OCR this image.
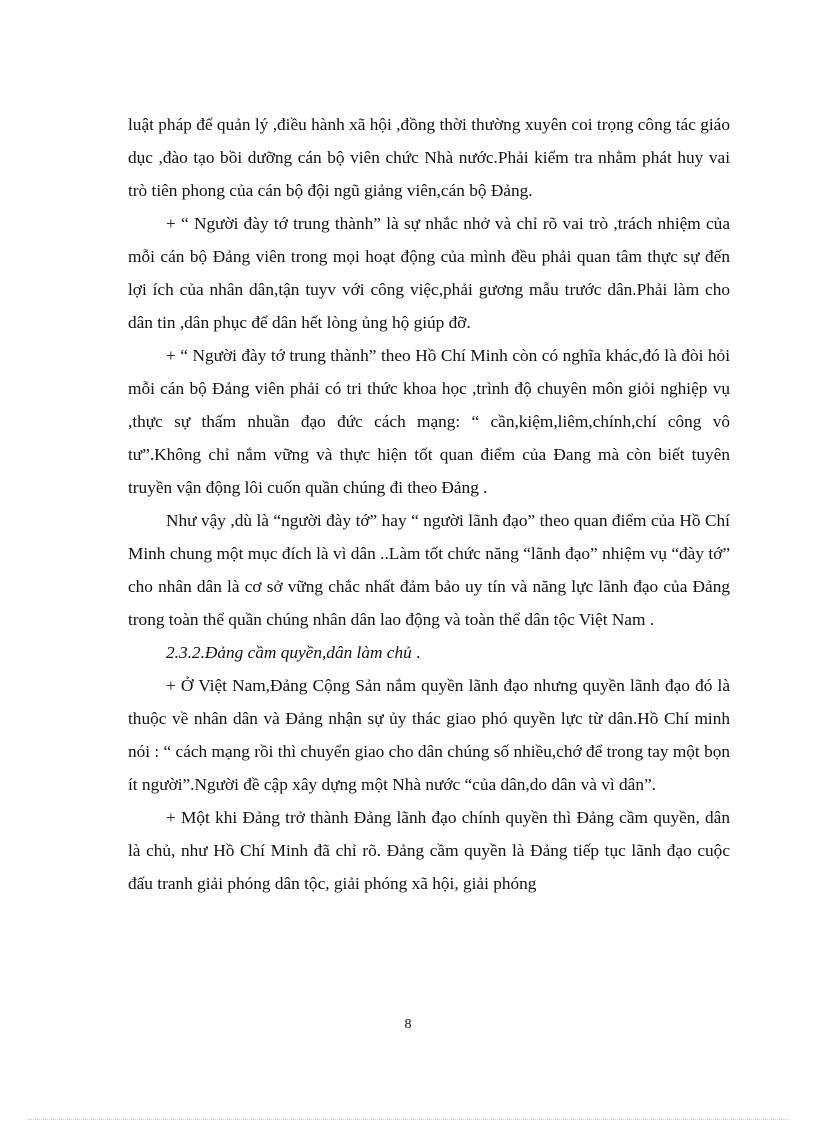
luật pháp để quản lý ,điều hành xã hội ,đồng thời thường xuyên coi trọng công tác giáo dục ,đào tạo bồi dưỡng cán bộ viên chức Nhà nước.Phải kiểm tra nhằm phát huy vai trò tiên phong của cán bộ đội ngũ giảng viên,cán bộ Đảng.

+ “ Người đày tớ trung thành” là sự nhắc nhở và chỉ rõ vai trò ,trách nhiệm của mỗi cán bộ Đảng viên trong mọi hoạt động của mình đều phải quan tâm thực sự đến lợi ích của nhân dân,tận tuyv với công việc,phải gương mẫu trước dân.Phải làm cho dân tin ,dân phục để dân hết lòng ủng hộ giúp đỡ.

+ “ Người đày tớ trung thành” theo Hồ Chí Minh còn có nghĩa khác,đó là đòi hỏi mỗi cán bộ Đảng viên phải có tri thức khoa học ,trình độ chuyên môn giỏi nghiệp vụ ,thực sự thấm nhuần đạo đức cách mạng: “ cần,kiệm,liêm,chính,chí công vô tư”.Không chỉ nắm vững và thực hiện tốt quan điểm của Đang mà còn biết tuyên truyền vận động lôi cuốn quần chúng đi theo Đảng .

Như vậy ,dù là “người đày tớ” hay “ người lãnh đạo” theo quan điểm của Hồ Chí Minh chung một mục đích là vì dân ..Làm tốt chức năng “lãnh đạo” nhiệm vụ “đày tớ” cho nhân dân là cơ sở vững chắc nhất đảm bảo uy tín và năng lực lãnh đạo của Đảng trong toàn thể quần chúng nhân dân lao động và toàn thể dân tộc Việt Nam .

2.3.2.Đảng cầm quyền,dân làm chủ .

+ Ở Việt Nam,Đảng Cộng Sản nắm quyền lãnh đạo nhưng quyền lãnh đạo đó là thuộc về nhân dân và Đảng nhận sự ủy thác giao phó quyền lực từ dân.Hồ Chí minh nói : “ cách mạng rồi thì chuyển giao cho dân chúng số nhiều,chớ để trong tay một bọn ít người”.Người đề cập xây dựng một Nhà nước “của dân,do dân và vì dân”.

+ Một khi Đảng trở thành Đảng lãnh đạo chính quyền thì Đảng cầm quyền, dân là chủ, như Hồ Chí Minh đã chỉ rõ. Đảng cầm quyền là Đảng tiếp tục lãnh đạo cuộc đấu tranh giải phóng dân tộc, giải phóng xã hội, giải phóng

8
